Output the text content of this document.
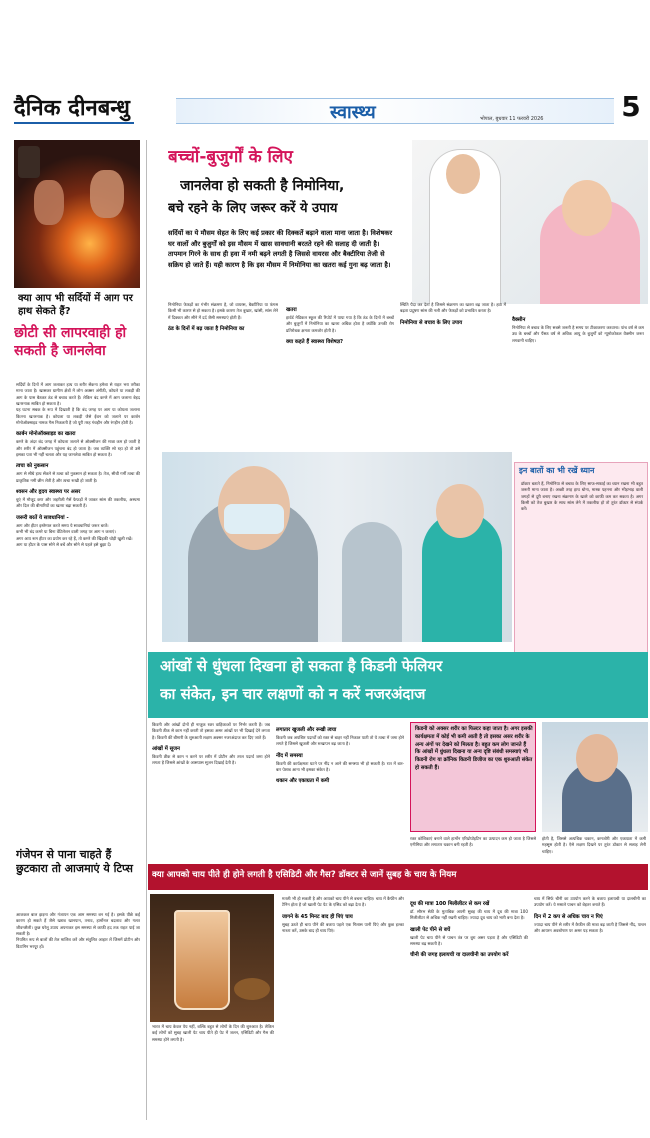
दैनिक दीनबन्धु	स्वास्थ्य	भोपाल, बुधवार 11 फरवरी 2026	5
क्या आप भी सर्दियों में आग पर हाथ सेकते हैं?
छोटी सी लापरवाही हो सकती है जानलेवा

सर्दियों के दिनों में आग जलाकर हाथ या शरीर सेंकना हमेशा से राहत भरा तरीका माना जाता है। खासकर ग्रामीण क्षेत्रों में लोग अक्सर अंगीठी, कोयले या लकड़ी की आग के पास बैठकर ठंड से बचाव करते हैं। लेकिन बंद कमरे में आग जलाना बेहद खतरनाक साबित हो सकता है।

यह घटना सबक के रूप में दिखाती है कि बंद जगह पर आग या कोयला जलाना कितना खतरनाक है। कोयला या लकड़ी जैसे ईंधन को जलाने पर कार्बन मोनोऑक्साइड नामक गैस निकलती है जो पूरी तरह गंधहीन और रंगहीन होती है।

कार्बन मोनोऑक्साइड का खतरा

कमरे के अंदर बंद जगह में कोयला जलाने से ऑक्सीजन की मात्रा कम हो जाती है और शरीर में ऑक्सीजन पहुंचना बंद हो जाता है। जब व्यक्ति सो रहा हो तो उसे इसका पता भी नहीं चलता और यह जानलेवा साबित हो सकता है।

त्वचा को नुकसान

आग से सीधे हाथ सेंकने से त्वचा को नुकसान हो सकता है। तेज, सीधी गर्मी त्वचा की प्राकृतिक नमी छीन लेती है और त्वचा रूखी हो जाती है।

श्वसन और हृदय स्वास्थ्य पर असर

धुएं में मौजूद कण और जहरीली गैसें फेफड़ों में जाकर सांस की तकलीफ, अस्थमा और दिल की बीमारियों का खतरा बढ़ा सकती हैं।

जरूरी बरतें ये सावधानियां -

आग और हीटर इस्तेमाल करते समय ये सावधानियां जरूर बरतें।
कभी भी बंद कमरे या बिना वेंटिलेशन वाली जगह पर आग न जलाएं।
अगर आप रूम हीटर का प्रयोग कर रहे हैं, तो कमरे की खिड़की थोड़ी खुली रखें।
आग या हीटर के पास सोने से बचें और सोने से पहले इसे बुझा दें।
गंजेपन से पाना चाहते हैं छुटकारा तो आजमाएं ये टिप्स

आजकल बाल झड़ना और गंजापन एक आम समस्या बन गई है। इसके पीछे कई कारण हो सकते हैं जैसे खराब खानपान, तनाव, हार्मोनल बदलाव और गलत जीवनशैली। कुछ घरेलू उपाय अपनाकर इस समस्या से काफी हद तक राहत पाई जा सकती है।

नियमित रूप से बालों की तेल मालिश करें और संतुलित आहार लें जिसमें प्रोटीन और विटामिन भरपूर हों।

बच्चों-बुजुर्गों के लिए
जानलेवा हो सकती है निमोनिया,
बचे रहने के लिए जरूर करें ये उपाय
सर्दियों का ये मौसम सेहत के लिए कई प्रकार की दिक्कतें बढ़ाने वाला माना जाता है। विशेषकर घर वालों और बुजुर्गों को इस मौसम में खास सावधानी बरतते रहने की सलाह दी जाती है। तापमान गिरने के साथ ही हवा में नमी बढ़ने लगती है जिससे वायरस और बैक्टीरिया तेजी से सक्रिय हो जाते हैं। यही कारण है कि इस मौसम में निमोनिया का खतरा कई गुना बढ़ जाता है।

निमोनिया फेफड़ों का गंभीर संक्रमण है, जो वायरस, बैक्टीरिया या फंगस किसी भी कारण से हो सकता है। इसके कारण तेज बुखार, खांसी, सांस लेने में दिक्कत और सीने में दर्द जैसी समस्याएं होती हैं।

ठंड के दिनों में बढ़ जाता है निमोनिया का

खतरा

हार्वर्ड मेडिकल स्कूल की रिपोर्ट में पाया गया है कि ठंड के दिनों में बच्चों और बुजुर्गों में निमोनिया का खतरा अधिक होता है क्योंकि उनकी रोग प्रतिरोधक क्षमता कमजोर होती है।

क्या कहते हैं स्वास्थ्य विशेषज्ञ?

स्थिति पैदा कर देता है जिससे संक्रमण का खतरा बढ़ जाता है। हवा में बढ़ता प्रदूषण सांस की नली और फेफड़ों को प्रभावित करता है।

निमोनिया से बचाव के लिए उपाय	वैक्सीन

निमोनिया से बचाव के लिए सबसे जरूरी है समय पर टीकाकरण करवाना। पांच वर्ष से कम उम्र के बच्चों और पैंसठ वर्ष से अधिक आयु के बुजुर्गों को न्यूमोकोकल वैक्सीन जरूर लगवानी चाहिए।

इन बातों का भी रखें ध्यान
डॉक्टर बताते हैं, निमोनिया से बचाव के लिए साफ-सफाई का ध्यान रखना भी बहुत जरूरी माना जाता है। अच्छी तरह हाथ धोना, मास्क पहनना और भीड़भाड़ वाली जगहों से दूरी बनाए रखना संक्रमण के खतरे को काफी कम कर सकता है। अगर किसी को तेज बुखार के साथ सांस लेने में तकलीफ हो तो तुरंत डॉक्टर से संपर्क करें।
आंखों से धुंधला दिखना हो सकता है किडनी फेलियर
का संकेत, इन चार लक्षणों को न करें नजरअंदाज

किडनी और आंखों दोनों ही नाजुक रक्त वाहिकाओं पर निर्भर करती हैं। जब किडनी ठीक से काम नहीं करती तो इसका असर आंखों पर भी दिखाई देने लगता है। किडनी की बीमारी के शुरुआती लक्षण अक्सर नजरअंदाज कर दिए जाते हैं।

आंखों में सूजन

किडनी ठीक से काम न करने पर शरीर में प्रोटीन और तरल पदार्थ जमा होने लगता है जिससे आंखों के आसपास सूजन दिखाई देती है।

लगातार खुजली और रूखी त्वचा

किडनी जब अपशिष्ट पदार्थों को रक्त से बाहर नहीं निकाल पाती तो ये त्वचा में जमा होने लगते हैं जिससे खुजली और रूखापन बढ़ जाता है।

नींद में समस्या

किडनी की कार्यक्षमता घटने पर नींद न आने की समस्या भी हो सकती है। रात में बार-बार पेशाब आना भी इसका संकेत है।

थकान और एकाग्रता में कमी

किडनी को अक्सर शरीर का फिल्टर कहा जाता है। अगर इसकी कार्यक्षमता में कोई भी कमी आती है तो इसका असर शरीर के अन्य अंगों पर देखने को मिलता है। बहुत कम लोग जानते हैं कि आंखों में धुंधला दिखना या अन्य दृष्टि संबंधी समस्याएं भी किडनी रोग या क्रॉनिक किडनी डिजीज का एक शुरुआती संकेत हो सकती हैं।

रक्त कोशिकाएं बनाने वाले हार्मोन एरिथ्रोपोइटिन का उत्पादन कम हो जाता है जिससे एनीमिया और लगातार थकान बनी रहती है।

होती है, जिससे अत्यधिक थकान, कमजोरी और एकाग्रता में कमी महसूस होती है। ऐसे लक्षण दिखने पर तुरंत डॉक्टर से सलाह लेनी चाहिए।

क्या आपको चाय पीते ही होने लगती है एसिडिटी और गैस? डॉक्टर से जानें सुबह के चाय के नियम

भारत में चाय केवल पेय नहीं, बल्कि बहुत से लोगों के दिन की शुरुआत है। लेकिन कई लोगों को सुबह खाली पेट चाय पीते ही पेट में जलन, एसिडिटी और गैस की समस्या होने लगती है।

मतली भी हो सकती है और आपको चाय पीने से बचना चाहिए। चाय में कैफीन और टैनिन होता है जो खाली पेट पेट के एसिड को बढ़ा देता है।

जागने के 45 मिनट बाद ही पिएं चाय

सुबह उठते ही चाय पीने की बजाय पहले एक गिलास पानी पिएं और कुछ हल्का नाश्ता करें, उसके बाद ही चाय पिएं।

दूध की मात्रा 100 मिलीलीटर से कम रखें

डॉ. सौरभ सेठी के मुताबिक अपनी सुबह की चाय में दूध की मात्रा 100 मिलीलीटर से अधिक नहीं रखनी चाहिए। ज्यादा दूध चाय को भारी बना देता है।

खाली पेट पीने से बचें

खाली पेट चाय पीने से पाचन तंत्र पर बुरा असर पड़ता है और एसिडिटी की समस्या बढ़ सकती है।

चीनी की जगह इलायची या दालचीनी का उपयोग करें

चाय में सिर्फ चीनी का उपयोग करने के बजाय इलायची या दालचीनी का उपयोग करें। ये मसाले पाचन को बेहतर बनाते हैं।

दिन में 2 कप से अधिक चाय न पिएं

ज्यादा चाय पीने से शरीर में कैफीन की मात्रा बढ़ जाती है जिससे नींद, पाचन और आयरन अवशोषण पर असर पड़ सकता है।
